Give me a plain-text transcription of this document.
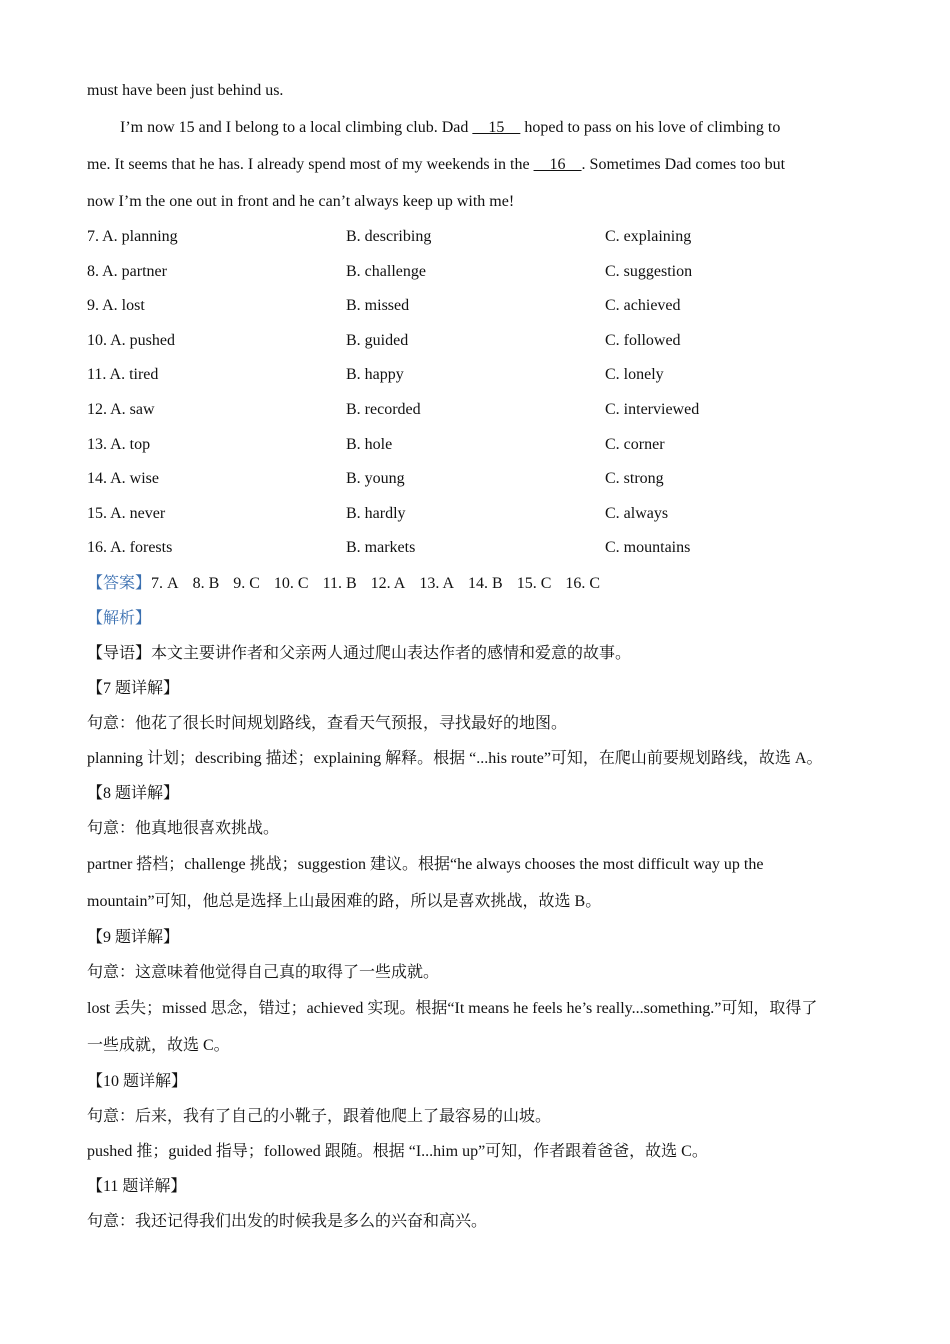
must have been just behind us.
I’m now 15 and I belong to a local climbing club. Dad     15     hoped to pass on his love of climbing to
me. It seems that he has. I already spend most of my weekends in the     16    . Sometimes Dad comes too but
now I’m the one out in front and he can’t always keep up with me!
7. A. planning	B. describing	C. explaining
8. A. partner	B. challenge	C. suggestion
9. A. lost	B. missed	C. achieved
10. A. pushed	B. guided	C. followed
11. A. tired	B. happy	C. lonely
12. A. saw	B. recorded	C. interviewed
13. A. top	B. hole	C. corner
14. A. wise	B. young	C. strong
15. A. never	B. hardly	C. always
16. A. forests	B. markets	C. mountains
【答案】7. A 8. B 9. C 10. C 11. B 12. A 13. A 14. B 15. C 16. C
【解析】
【导语】本文主要讲作者和父亲两人通过爬山表达作者的感情和爱意的故事。
【7 题详解】
句意：他花了很长时间规划路线，查看天气预报，寻找最好的地图。
planning 计划；describing 描述；explaining 解释。根据 “...his route”可知，在爬山前要规划路线，故选 A。
【8 题详解】
句意：他真地很喜欢挑战。
partner 搭档；challenge 挑战；suggestion 建议。根据“he always chooses the most difficult way up the
mountain”可知，他总是选择上山最困难的路，所以是喜欢挑战，故选 B。
【9 题详解】
句意：这意味着他觉得自己真的取得了一些成就。
lost 丢失；missed 思念，错过；achieved 实现。根据“It means he feels he’s really...something.”可知，取得了
一些成就，故选 C。
【10 题详解】
句意：后来，我有了自己的小靴子，跟着他爬上了最容易的山坡。
pushed 推；guided 指导；followed 跟随。根据 “I...him up”可知，作者跟着爸爸，故选 C。
【11 题详解】
句意：我还记得我们出发的时候我是多么的兴奋和高兴。
